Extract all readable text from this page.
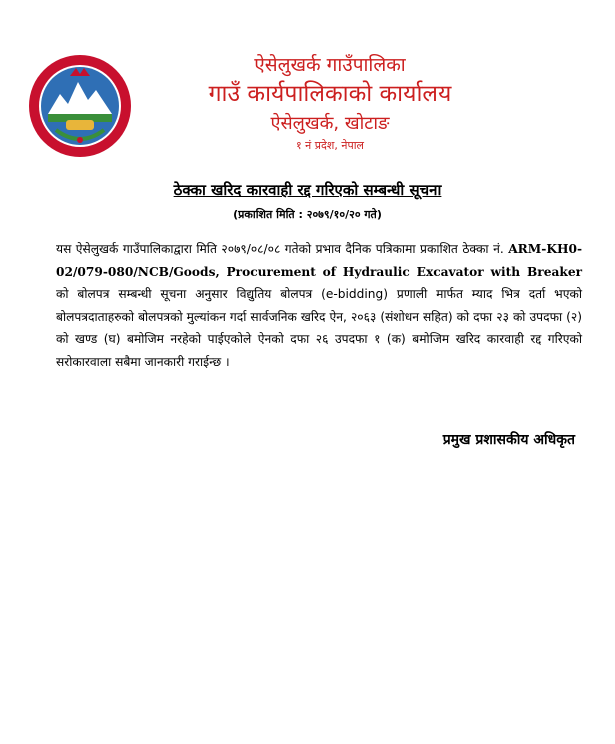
ऐसेलुखर्क गाउँपालिका
गाउँ कार्यपालिकाको कार्यालय
ऐसेलुखर्क, खोटाङ
१ नं प्रदेश, नेपाल
ठेक्का खरिद कारवाही रद्द गरिएको सम्बन्धी सूचना
(प्रकाशित मिति : २०७९/१०/२० गते)
यस ऐसेलुखर्क गाउँपालिकाद्वारा मिति २०७९/०८/०८ गतेको प्रभाव दैनिक पत्रिकामा प्रकाशित ठेक्का नं. ARM-KH0-02/079-080/NCB/Goods, Procurement of Hydraulic Excavator with Breaker को बोलपत्र सम्बन्धी सूचना अनुसार विद्युतिय बोलपत्र (e-bidding) प्रणाली मार्फत म्याद भित्र दर्ता भएको बोलपत्रदाताहरुको बोलपत्रको मुल्यांकन गर्दा सार्वजनिक खरिद ऐन, २०६३ (संशोधन सहित) को दफा २३ को उपदफा (२) को खण्ड (घ) बमोजिम नरहेको पाईएकोले ऐनको दफा २६ उपदफा १ (क) बमोजिम खरिद कारवाही रद्द गरिएको सरोकारवाला सबैमा जानकारी गराईन्छ ।
प्रमुख प्रशासकीय अधिकृत
